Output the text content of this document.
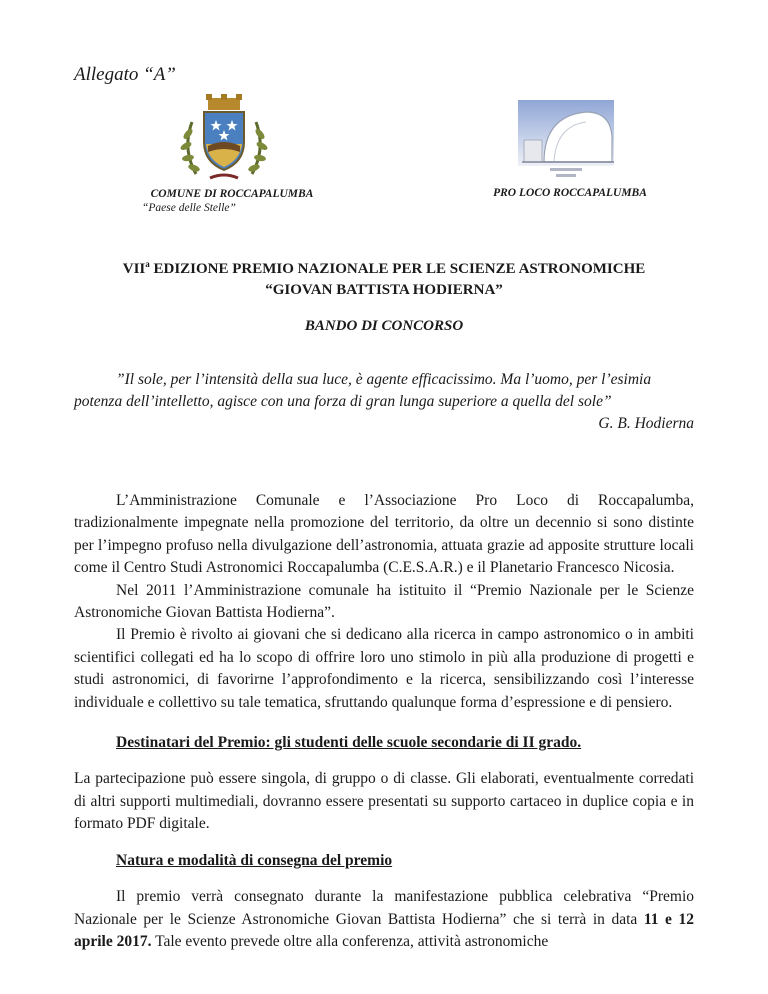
Allegato “A”
COMUNE DI ROCCAPALUMBA
“Paese delle Stelle”
PRO LOCO ROCCAPALUMBA
VII$^a$ EDIZIONE PREMIO NAZIONALE PER LE SCIENZE ASTRONOMICHE
“GIOVAN BATTISTA HODIERNA”
BANDO DI CONCORSO

”Il sole, per l’intensità della sua luce, è agente efficacissimo. Ma l’uomo, per l’esimia potenza dell’intelletto, agisce con una forza di gran lunga superiore a quella del sole”

G. B. Hodierna

L’Amministrazione Comunale e l’Associazione Pro Loco di Roccapalumba, tradizionalmente impegnate nella promozione del territorio, da oltre un decennio si sono distinte per l’impegno profuso nella divulgazione dell’astronomia, attuata grazie ad apposite strutture locali come il Centro Studi Astronomici Roccapalumba (C.E.S.A.R.) e il Planetario Francesco Nicosia.

Nel 2011 l’Amministrazione comunale ha istituito il “Premio Nazionale per le Scienze Astronomiche Giovan Battista Hodierna”.

Il Premio è rivolto ai giovani che si dedicano alla ricerca in campo astronomico o in ambiti scientifici collegati ed ha lo scopo di offrire loro uno stimolo in più alla produzione di progetti e studi astronomici, di favorirne l’approfondimento e la ricerca, sensibilizzando così l’interesse individuale e collettivo su tale tematica, sfruttando qualunque forma d’espressione e di pensiero.

Destinatari del Premio: gli studenti delle scuole secondarie di II grado.

La partecipazione può essere singola, di gruppo o di classe. Gli elaborati, eventualmente corredati di altri supporti multimediali, dovranno essere presentati su supporto cartaceo in duplice copia e in formato PDF digitale.

Natura e modalità di consegna del premio

Il premio verrà consegnato durante la manifestazione pubblica celebrativa “Premio Nazionale per le Scienze Astronomiche Giovan Battista Hodierna” che si terrà in data 11 e 12 aprile 2017. Tale evento prevede oltre alla conferenza, attività astronomiche
